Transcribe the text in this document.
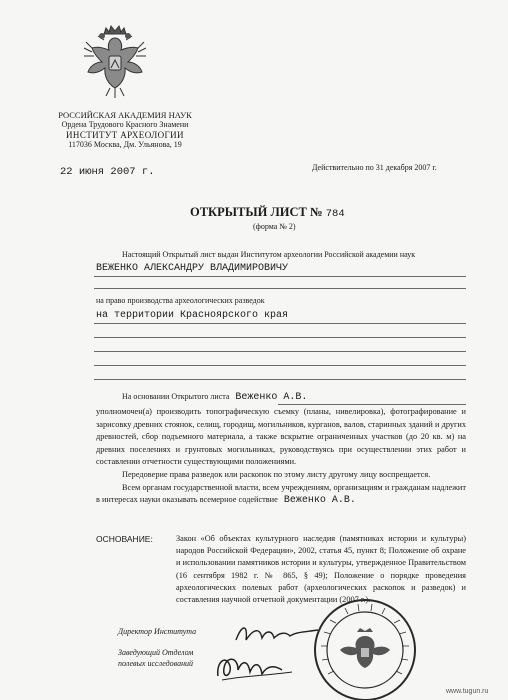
РОССИЙСКАЯ АКАДЕМИЯ НАУК
Ордена Трудового Красного Знамени
ИНСТИТУТ АРХЕОЛОГИИ
117036 Москва, Дм. Ульянова, 19
22 июня 2007 г.	Действительно по 31 декабря 2007 г.
ОТКРЫТЫЙ ЛИСТ № 784
(форма № 2)
Настоящий Открытый лист выдан Институтом археологии Российской академии наук
ВЕЖЕНКО АЛЕКСАНДРУ ВЛАДИМИРОВИЧУ
на право производства археологических разведок
на территории Красноярского края
На основании Открытого листа Веженко А.В.

уполномочен(а) производить топографическую съемку (планы, нивелировка), фотографирование и зарисовку древних стоянок, селищ, городищ, могильников, курганов, валов, старинных зданий и других древностей, сбор подъемного материала, а также вскрытие ограниченных участков (до 20 кв. м) на древних поселениях и грунтовых могильниках, руководствуясь при осуществлении этих работ и составлении отчетности существующими положениями.

Передоверие права разведок или раскопок по этому листу другому лицу воспрещается.

Всем органам государственной власти, всем учреждениям, организациям и гражданам надлежит в интересах науки оказывать всемерное содействие Веженко А.В.

ОСНОВАНИЕ:	Закон «Об объектах культурного наследия (памятниках истории и культуры) народов Российской Федерации», 2002, статья 45, пункт 8; Положение об охране и использовании памятников истории и культуры, утвержденное Правительством (16 сентября 1982 г. № 865, § 49); Положение о порядке проведения археологических полевых работ (археологических раскопок и разведок) и составления научной отчетной документации (2007 г.).
Директор Института
Заведующий Отделом
полевых исследований
www.tugun.ru
